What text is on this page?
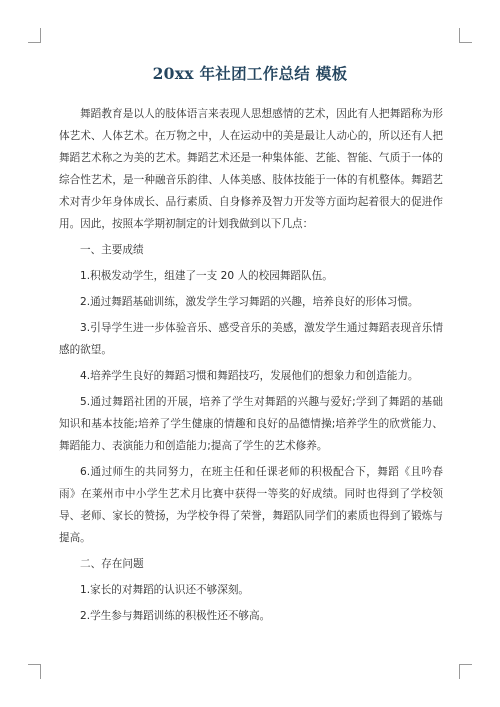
20xx 年社团工作总结 模板

舞蹈教育是以人的肢体语言来表现人思想感情的艺术，因此有人把舞蹈称为形体艺术、人体艺术。在万物之中，人在运动中的美是最让人动心的，所以还有人把舞蹈艺术称之为美的艺术。舞蹈艺术还是一种集体能、艺能、智能、气质于一体的综合性艺术，是一种融音乐韵律、人体美感、肢体技能于一体的有机整体。舞蹈艺术对青少年身体成长、品行素质、自身修养及智力开发等方面均起着很大的促进作用。因此，按照本学期初制定的计划我做到以下几点：

一、主要成绩

1.积极发动学生，组建了一支 20 人的校园舞蹈队伍。

2.通过舞蹈基础训练，激发学生学习舞蹈的兴趣，培养良好的形体习惯。

3.引导学生进一步体验音乐、感受音乐的美感，激发学生通过舞蹈表现音乐情感的欲望。

4.培养学生良好的舞蹈习惯和舞蹈技巧，发展他们的想象力和创造能力。

5.通过舞蹈社团的开展，培养了学生对舞蹈的兴趣与爱好;学到了舞蹈的基础知识和基本技能;培养了学生健康的情趣和良好的品德情操;培养学生的欣赏能力、舞蹈能力、表演能力和创造能力;提高了学生的艺术修养。

6.通过师生的共同努力，在班主任和任课老师的积极配合下，舞蹈《且吟春雨》在莱州市中小学生艺术月比赛中获得一等奖的好成绩。同时也得到了学校领导、老师、家长的赞扬，为学校争得了荣誉，舞蹈队同学们的素质也得到了锻炼与提高。

二、存在问题

1.家长的对舞蹈的认识还不够深刻。

2.学生参与舞蹈训练的积极性还不够高。
